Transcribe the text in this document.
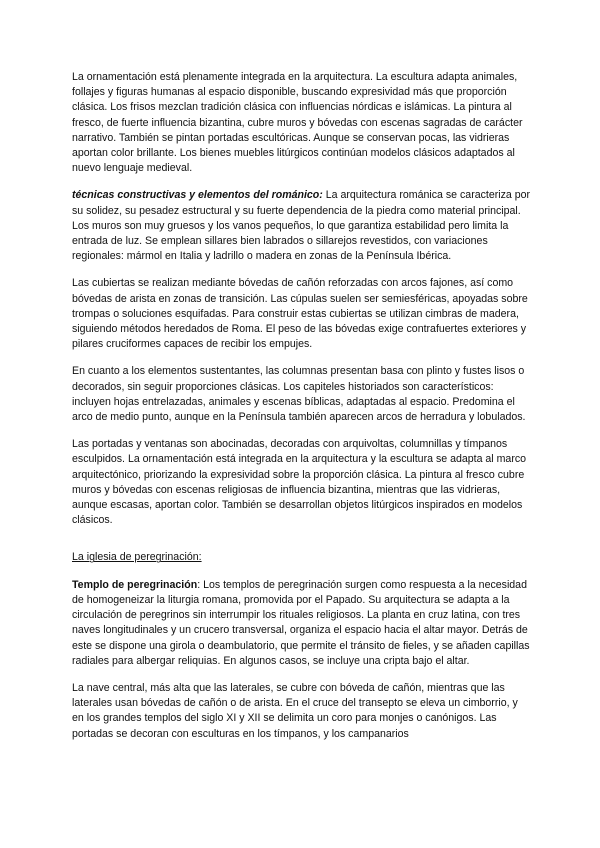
La ornamentación está plenamente integrada en la arquitectura. La escultura adapta animales, follajes y figuras humanas al espacio disponible, buscando expresividad más que proporción clásica. Los frisos mezclan tradición clásica con influencias nórdicas e islámicas. La pintura al fresco, de fuerte influencia bizantina, cubre muros y bóvedas con escenas sagradas de carácter narrativo. También se pintan portadas escultóricas. Aunque se conservan pocas, las vidrieras aportan color brillante. Los bienes muebles litúrgicos continúan modelos clásicos adaptados al nuevo lenguaje medieval.

técnicas constructivas y elementos del románico: La arquitectura románica se caracteriza por su solidez, su pesadez estructural y su fuerte dependencia de la piedra como material principal. Los muros son muy gruesos y los vanos pequeños, lo que garantiza estabilidad pero limita la entrada de luz. Se emplean sillares bien labrados o sillarejos revestidos, con variaciones regionales: mármol en Italia y ladrillo o madera en zonas de la Península Ibérica.

Las cubiertas se realizan mediante bóvedas de cañón reforzadas con arcos fajones, así como bóvedas de arista en zonas de transición. Las cúpulas suelen ser semiesféricas, apoyadas sobre trompas o soluciones esquifadas. Para construir estas cubiertas se utilizan cimbras de madera, siguiendo métodos heredados de Roma. El peso de las bóvedas exige contrafuertes exteriores y pilares cruciformes capaces de recibir los empujes.

En cuanto a los elementos sustentantes, las columnas presentan basa con plinto y fustes lisos o decorados, sin seguir proporciones clásicas. Los capiteles historiados son característicos: incluyen hojas entrelazadas, animales y escenas bíblicas, adaptadas al espacio. Predomina el arco de medio punto, aunque en la Península también aparecen arcos de herradura y lobulados.

Las portadas y ventanas son abocinadas, decoradas con arquivoltas, columnillas y tímpanos esculpidos. La ornamentación está integrada en la arquitectura y la escultura se adapta al marco arquitectónico, priorizando la expresividad sobre la proporción clásica. La pintura al fresco cubre muros y bóvedas con escenas religiosas de influencia bizantina, mientras que las vidrieras, aunque escasas, aportan color. También se desarrollan objetos litúrgicos inspirados en modelos clásicos.

La iglesia de peregrinación:

Templo de peregrinación: Los templos de peregrinación surgen como respuesta a la necesidad de homogeneizar la liturgia romana, promovida por el Papado. Su arquitectura se adapta a la circulación de peregrinos sin interrumpir los rituales religiosos. La planta en cruz latina, con tres naves longitudinales y un crucero transversal, organiza el espacio hacia el altar mayor. Detrás de este se dispone una girola o deambulatorio, que permite el tránsito de fieles, y se añaden capillas radiales para albergar reliquias. En algunos casos, se incluye una cripta bajo el altar.

La nave central, más alta que las laterales, se cubre con bóveda de cañón, mientras que las laterales usan bóvedas de cañón o de arista. En el cruce del transepto se eleva un cimborrio, y en los grandes templos del siglo XI y XII se delimita un coro para monjes o canónigos. Las portadas se decoran con esculturas en los tímpanos, y los campanarios
